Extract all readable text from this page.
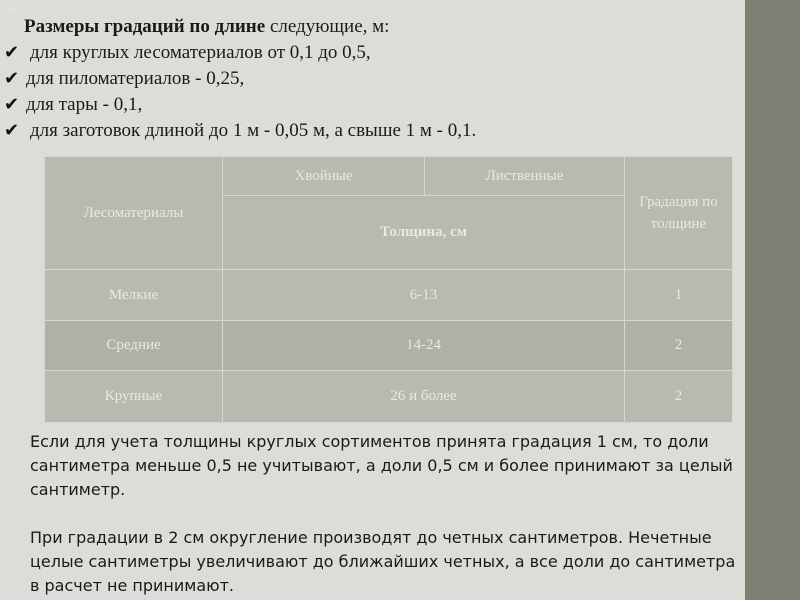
Размеры градаций по длине следующие, м:
✔ для круглых лесоматериалов от 0,1 до 0,5,
✔ для пиломатериалов - 0,25,
✔ для тары - 0,1,
✔ для заготовок длиной до 1 м - 0,05 м, а свыше 1 м - 0,1.
Лесоматериалы	Хвойные	Лиственные	Градация по толщине
	Толщина, см		
Мелкие	6-13		1
Средние	14-24		2
Крупные	26 и более		2
Если для учета толщины круглых сортиментов принята градация 1 см, то доли сантиметра меньше 0,5 не учитывают, а доли 0,5 см и более принимают за целый сантиметр.
При градации в 2 см округление производят до четных сантиметров. Нечетные целые сантиметры увеличивают до ближайших четных, а все доли до сантиметра в расчет не принимают.
